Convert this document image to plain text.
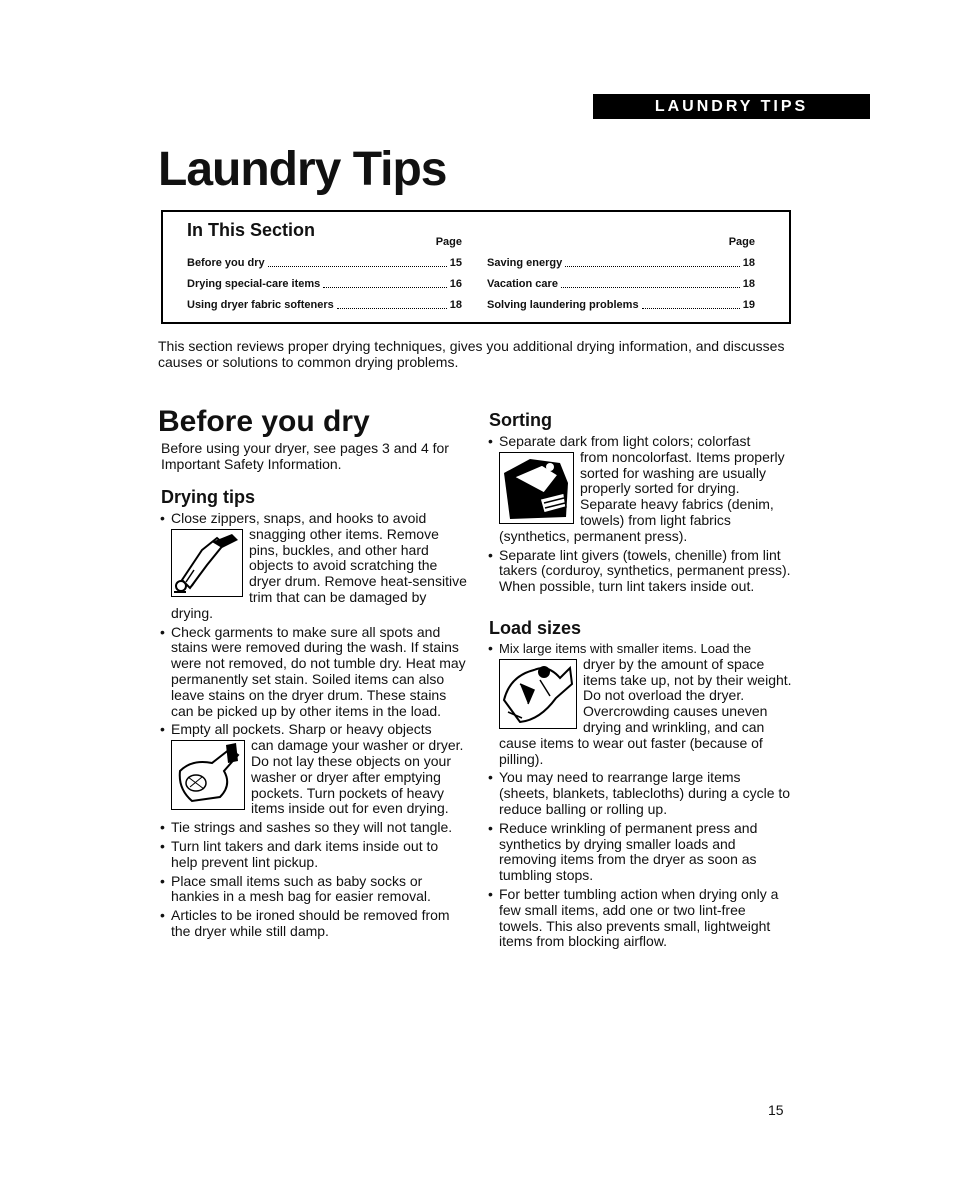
LAUNDRY TIPS
Laundry Tips
In This Section
Page
Before you dry	15
Drying special-care items	16
Using dryer fabric softeners	18
Page
Saving energy	18
Vacation care	18
Solving laundering problems	19
This section reviews proper drying techniques, gives you additional drying information, and discusses causes or solutions to common drying problems.
Before you dry
Before using your dryer, see pages 3 and 4 for Important Safety Information.
Drying tips
• Close zippers, snaps, and hooks to avoid
snagging other items. Remove pins, buckles, and other hard objects to avoid scratching the dryer drum. Remove heat-sensitive trim that can be damaged by drying.
• Check garments to make sure all spots and stains were removed during the wash. If stains were not removed, do not tumble dry. Heat may permanently set stain. Soiled items can also leave stains on the dryer drum. These stains can be picked up by other items in the load.
• Empty all pockets. Sharp or heavy objects
can damage your washer or dryer. Do not lay these objects on your washer or dryer after emptying pockets. Turn pockets of heavy items inside out for even drying.
• Tie strings and sashes so they will not tangle.
• Turn lint takers and dark items inside out to help prevent lint pickup.
• Place small items such as baby socks or hankies in a mesh bag for easier removal.
• Articles to be ironed should be removed from the dryer while still damp.
Sorting
• Separate dark from light colors; colorfast
from noncolorfast. Items properly sorted for washing are usually properly sorted for drying. Separate heavy fabrics (denim, towels) from light fabrics (synthetics, permanent press).
• Separate lint givers (towels, chenille) from lint takers (corduroy, synthetics, permanent press). When possible, turn lint takers inside out.
Load sizes
• Mix large items with smaller items. Load the
dryer by the amount of space items take up, not by their weight. Do not overload the dryer. Overcrowding causes uneven drying and wrinkling, and can cause items to wear out faster (because of pilling).
• You may need to rearrange large items (sheets, blankets, tablecloths) during a cycle to reduce balling or rolling up.
• Reduce wrinkling of permanent press and synthetics by drying smaller loads and removing items from the dryer as soon as tumbling stops.
• For better tumbling action when drying only a few small items, add one or two lint-free towels. This also prevents small, lightweight items from blocking airflow.
15
